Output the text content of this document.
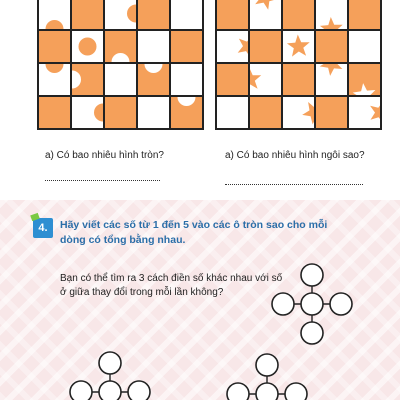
a) Có bao nhiêu hình tròn?	a) Có bao nhiêu hình ngôi sao?
4.	Hãy viết các số từ 1 đến 5 vào các ô tròn sao cho mỗi dòng có tổng bằng nhau.
Bạn có thể tìm ra 3 cách điền số khác nhau với số ở giữa thay đổi trong mỗi lần không?
